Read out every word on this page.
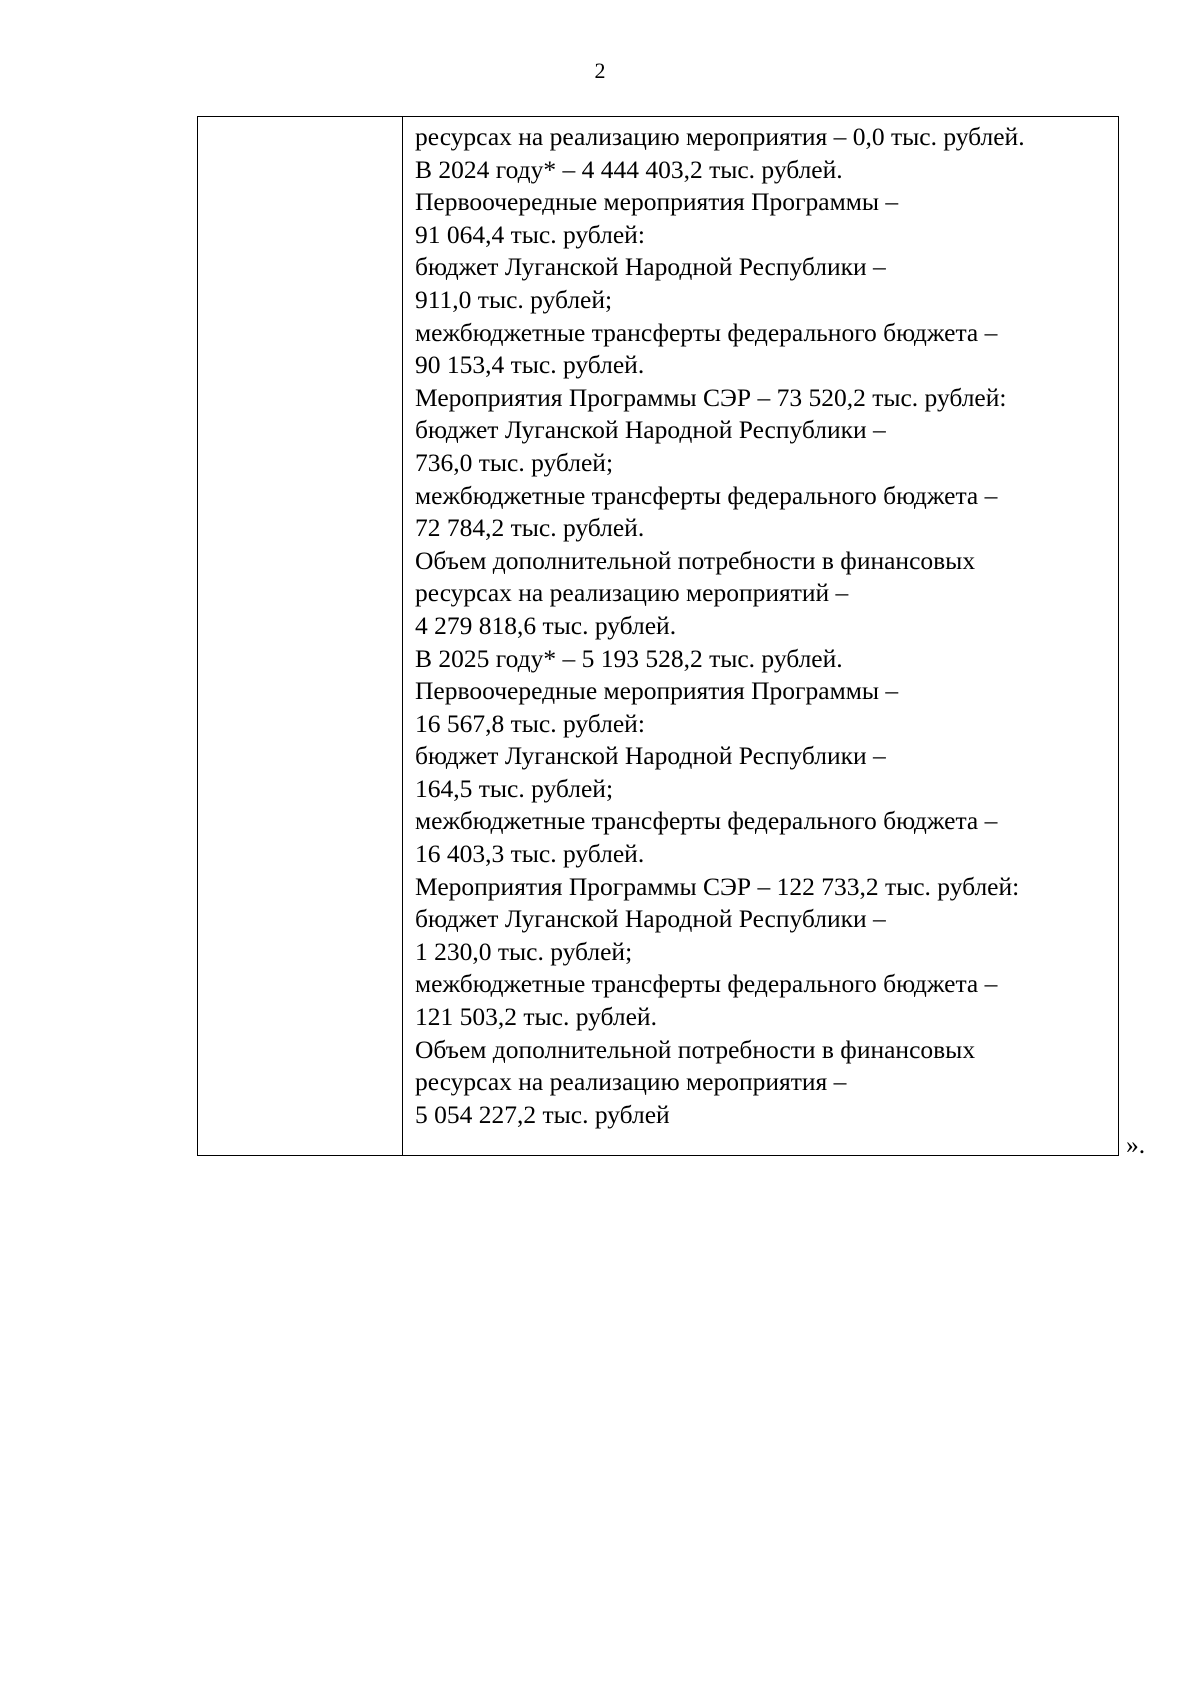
2

ресурсах на реализацию мероприятия – 0,0 тыс. рублей.
В 2024 году* – 4 444 403,2 тыс. рублей.
Первоочередные мероприятия Программы –
91 064,4 тыс. рублей:
бюджет Луганской Народной Республики –
911,0 тыс. рублей;
межбюджетные трансферты федерального бюджета –
90 153,4 тыс. рублей.
Мероприятия Программы СЭР – 73 520,2 тыс. рублей:
бюджет Луганской Народной Республики –
736,0 тыс. рублей;
межбюджетные трансферты федерального бюджета –
72 784,2 тыс. рублей.
Объем дополнительной потребности в финансовых
ресурсах на реализацию мероприятий –
4 279 818,6 тыс. рублей.
В 2025 году* – 5 193 528,2 тыс. рублей.
Первоочередные мероприятия Программы –
16 567,8 тыс. рублей:
бюджет Луганской Народной Республики –
164,5 тыс. рублей;
межбюджетные трансферты федерального бюджета –
16 403,3 тыс. рублей.
Мероприятия Программы СЭР – 122 733,2 тыс. рублей:
бюджет Луганской Народной Республики –
1 230,0 тыс. рублей;
межбюджетные трансферты федерального бюджета –
121 503,2 тыс. рублей.
Объем дополнительной потребности в финансовых
ресурсах на реализацию мероприятия –
5 054 227,2 тыс. рублей
».
